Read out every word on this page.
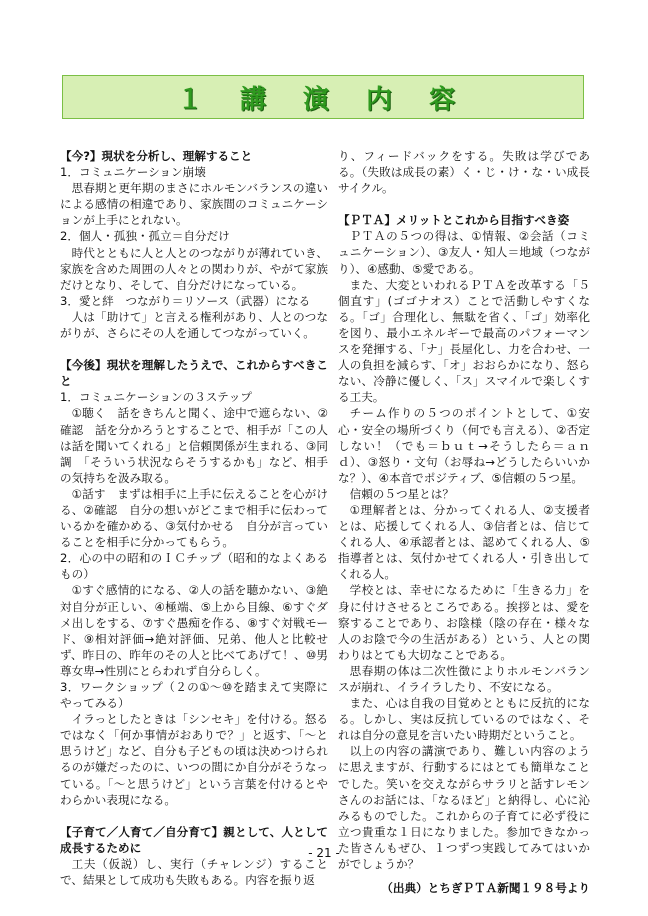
１ 講 演 内 容

【今?】現状を分析し、理解すること

1．コミュニケーション崩壊

思春期と更年期のまさにホルモンバランスの違いによる感情の相違であり、家族間のコミュニケーションが上手にとれない。

2．個人・孤独・孤立＝自分だけ

時代とともに人と人とのつながりが薄れていき、家族を含めた周囲の人々との関わりが、やがて家族だけとなり、そして、自分だけになっている。

3．愛と絆　つながり＝リソース（武器）になる

人は「助けて」と言える権利があり、人とのつながりが、さらにその人を通してつながっていく。

【今後】現状を理解したうえで、これからすべきこと

1．コミュニケーションの３ステップ

①聴く　話をきちんと聞く、途中で遮らない、②確認　話を分かろうとすることで、相手が「この人は話を聞いてくれる」と信頼関係が生まれる、③同調　「そういう状況ならそうするかも」など、相手の気持ちを汲み取る。

①話す　まずは相手に上手に伝えることを心がける、②確認　自分の想いがどこまで相手に伝わっているかを確かめる、③気付かせる　自分が言っていることを相手に分かってもらう。

2．心の中の昭和のＩＣチップ（昭和的なよくあるもの）

①すぐ感情的になる、②人の話を聴かない、③絶対自分が正しい、④極端、⑤上から目線、⑥すぐダメ出しをする、⑦すぐ愚痴を作る、⑧すぐ対戦モード、⑨相対評価→絶対評価、兄弟、他人と比較せず、昨日の、昨年のその人と比べてあげて！、⑩男尊女卑→性別にとらわれず自分らしく。

3．ワークショップ（２の①～⑩を踏まえて実際にやってみる）

イラっとしたときは「シンセキ」を付ける。怒るではなく「何か事情がおありで？」と返す、「～と思うけど」など、自分も子どもの頃は決めつけられるのが嫌だったのに、いつの間にか自分がそうなっている。「～と思うけど」という言葉を付けるとやわらかい表現になる。

【子育て／人育て／自分育て】親として、人として成長するために

工夫（仮説）し、実行（チャレンジ）することで、結果として成功も失敗もある。内容を振り返

り、フィードバックをする。失敗は学びである。（失敗は成長の素）く・じ・け・な・い成長サイクル。

【ＰＴＡ】メリットとこれから目指すべき姿

ＰＴＡの５つの得は、①情報、②会話（コミュニケーション）、③友人・知人＝地域（つながり）、④感動、⑤愛である。

また、大変といわれるＰＴＡを改革する「５個直す」(ゴゴナオス）ことで活動しやすくなる。「ゴ」合理化し、無駄を省く、「ゴ」効率化を図り、最小エネルギーで最高のパフォーマンスを発揮する、「ナ」長屋化し、力を合わせ、一人の負担を減らす、「オ」おおらかになり、怒らない、冷静に優しく、「ス」スマイルで楽しくする工夫。

チーム作りの５つのポイントとして、①安心・安全の場所づくり（何でも言える）、②否定しない！（でも＝ｂｕｔ→そうしたら＝ａｎｄ）、③怒り・文句（お辱ね→どうしたらいいかな？）、④本音でポジティブ、⑤信頼の５つ星。

信頼の５つ星とは？

①理解者とは、分かってくれる人、②支援者とは、応援してくれる人、③信者とは、信じてくれる人、④承認者とは、認めてくれる人、⑤指導者とは、気付かせてくれる人・引き出してくれる人。

学校とは、幸せになるために「生きる力」を身に付けさせるところである。挨拶とは、愛を察することであり、お陰様（陰の存在・様々な人のお陰で今の生活がある）という、人との関わりはとても大切なことである。

思春期の体は二次性徴によりホルモンバランスが崩れ、イライラしたり、不安になる。

また、心は自我の目覚めとともに反抗的になる。しかし、実は反抗しているのではなく、それは自分の意見を言いたい時期だということ。

以上の内容の講演であり、難しい内容のように思えますが、行動するにはとても簡単なことでした。笑いを交えながらサラリと話すレモンさんのお話には、「なるほど」と納得し、心に沁みるものでした。これからの子育てに必ず役に立つ貴重な１日になりました。参加できなかった皆さんもぜひ、１つずつ実践してみてはいかがでしょうか？

（出典）とちぎＰＴＡ新聞１９８号より

- 21 -
